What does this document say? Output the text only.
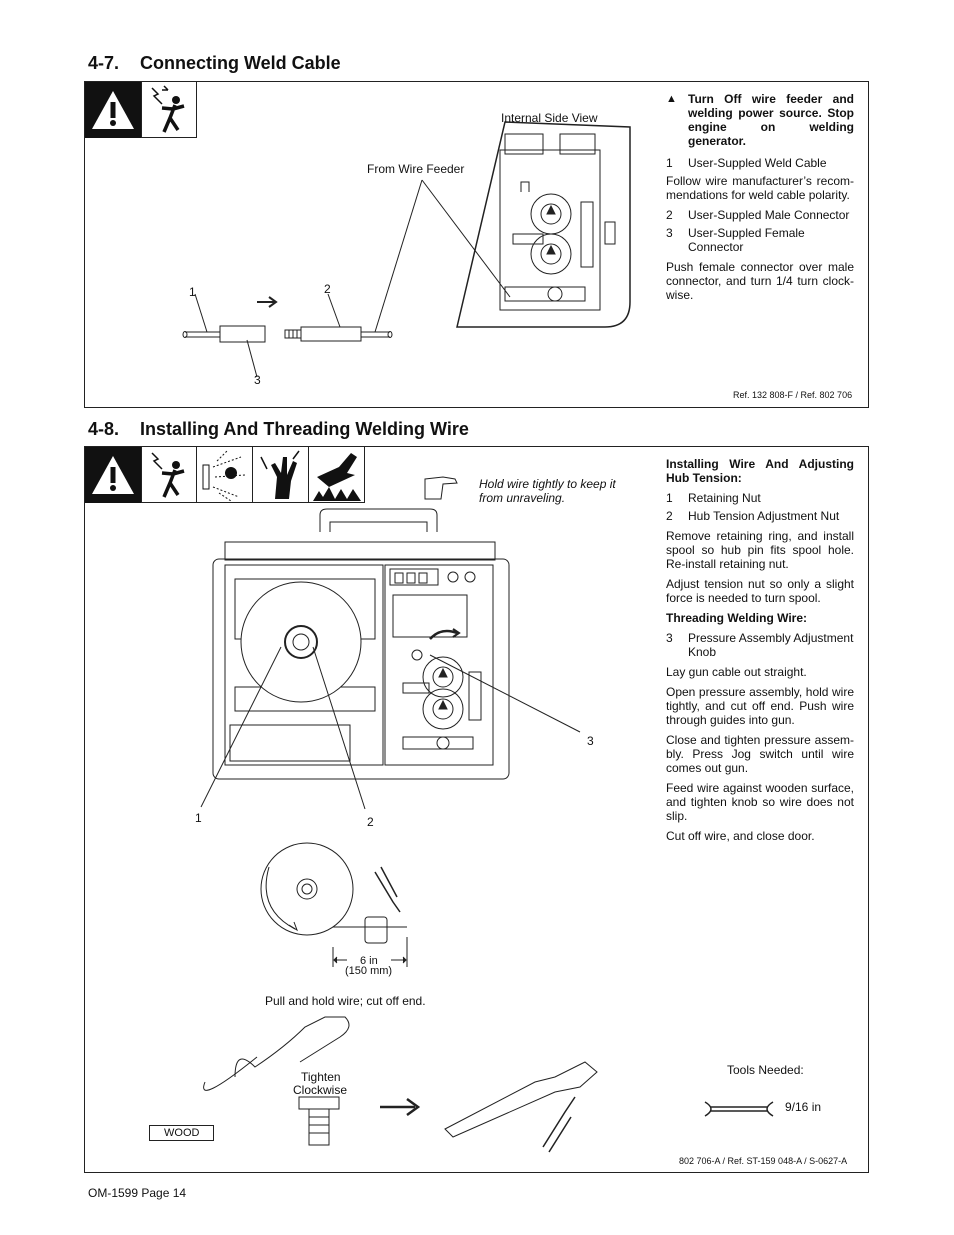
4-7. Connecting Weld Cable
▲ Turn Off wire feeder and welding power source. Stop engine on welding generator.
1	User-Suppled Weld Cable

Follow wire manufacturer’s recom-mendations for weld cable polarity.

2	User-Suppled Male Connector
3	User-Suppled Female Connector

Push female connector over male connector, and turn 1/4 turn clock-wise.

Internal Side View
From Wire Feeder
1	2
3
Ref. 132 808-F / Ref. 802 706
4-8. Installing And Threading Welding Wire

Installing Wire And Adjusting Hub Tension:

1	Retaining Nut
2	Hub Tension Adjustment Nut

Remove retaining ring, and install spool so hub pin fits spool hole. Re-install retaining nut.

Adjust tension nut so only a slight force is needed to turn spool.

Threading Welding Wire:

3	Pressure Assembly Adjustment Knob

Lay gun cable out straight.

Open pressure assembly, hold wire tightly, and cut off end. Push wire through guides into gun.

Close and tighten pressure assem-bly. Press Jog switch until wire comes out gun.

Feed wire against wooden surface, and tighten knob so wire does not slip.

Cut off wire, and close door.

Hold wire tightly to keep it from unraveling.
1	2
3
6 in
(150 mm)
Pull and hold wire; cut off end.
Tighten
Clockwise
WOOD
Tools Needed:
9/16 in
802 706-A / Ref. ST-159 048-A / S-0627-A
OM-1599 Page 14
